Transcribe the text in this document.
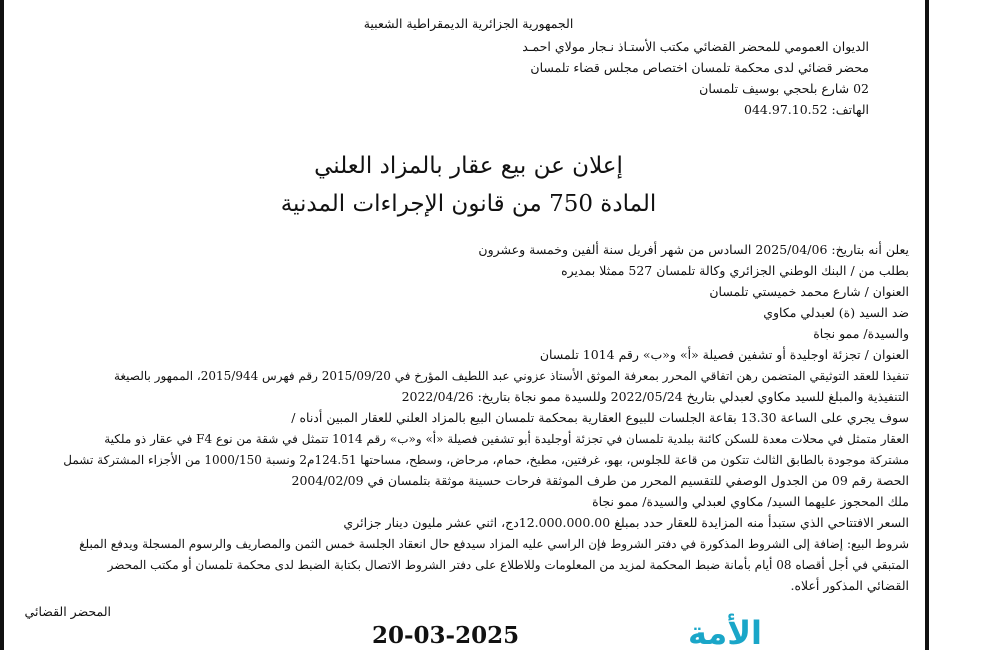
الجمهورية الجزائرية الديمقراطية الشعبية
الديوان العمومي للمحضر القضائي مكتب الأستـاذ نـجار مولاي احمـد
محضر قضائي لدى محكمة تلمسان اختصاص مجلس قضاء تلمسان
02 شارع بلحجي بوسيف تلمسان
الهاتف: 044.97.10.52
إعلان عن بيع عقار بالمزاد العلني
المادة 750 من قانون الإجراءات المدنية
يعلن أنه بتاريخ: 2025/04/06 السادس من شهر أفريل سنة ألفين وخمسة وعشرون
بطلب من / البنك الوطني الجزائري وكالة تلمسان 527 ممثلا بمديره
العنوان / شارع محمد خميستي تلمسان
ضد السيد (ة) لعبدلي مكاوي
والسيدة/ ممو نجاة
العنوان / تجزئة اوجليدة أو تشفين فصيلة «أ» و«ب» رقم 1014 تلمسان
تنفيذا للعقد التوثيقي المتضمن رهن اتفاقي المحرر بمعرفة الموثق الأستاذ عزوني عبد اللطيف المؤرخ في 2015/09/20 رقم فهرس 2015/944، الممهور بالصيغة
التنفيذية والمبلغ للسيد مكاوي لعبدلي بتاريخ 2022/05/24 وللسيدة ممو نجاة بتاريخ: 2022/04/26
سوف يجري على الساعة 13.30 بقاعة الجلسات للبيوع العقارية بمحكمة تلمسان البيع بالمزاد العلني للعقار المبين أدناه /
العقار متمثل في محلات معدة للسكن كائنة ببلدية تلمسان في تجزئة أوجليدة أبو تشفين فصيلة «أ» و«ب» رقم 1014 تتمثل في شقة من نوع F4 في عقار ذو ملكية
مشتركة موجودة بالطابق الثالث تتكون من قاعة للجلوس، بهو، غرفتين، مطبخ، حمام، مرحاض، وسطح، مساحتها 124.51م2 ونسبة 1000/150 من الأجزاء المشتركة تشمل
الحصة رقم 09 من الجدول الوصفي للتقسيم المحرر من طرف الموثقة فرحات حسينة موثقة بتلمسان في 2004/02/09
ملك المحجوز عليهما السيد/ مكاوي لعبدلي والسيدة/ ممو نجاة
السعر الافتتاحي الذي ستبدأ منه المزايدة للعقار حدد بمبلغ 12.000.000.00دج، اثني عشر مليون دينار جزائري
شروط البيع: إضافة إلى الشروط المذكورة في دفتر الشروط فإن الراسي عليه المزاد سيدفع حال انعقاد الجلسة خمس الثمن والمصاريف والرسوم المسجلة ويدفع المبلغ
المتبقي في أجل أقصاه 08 أيام بأمانة ضبط المحكمة لمزيد من المعلومات وللاطلاع على دفتر الشروط الاتصال بكتابة الضبط لدى محكمة تلمسان أو مكتب المحضر
القضائي المذكور أعلاه.
المحضر القضائي
الأمة
20-03-2025
